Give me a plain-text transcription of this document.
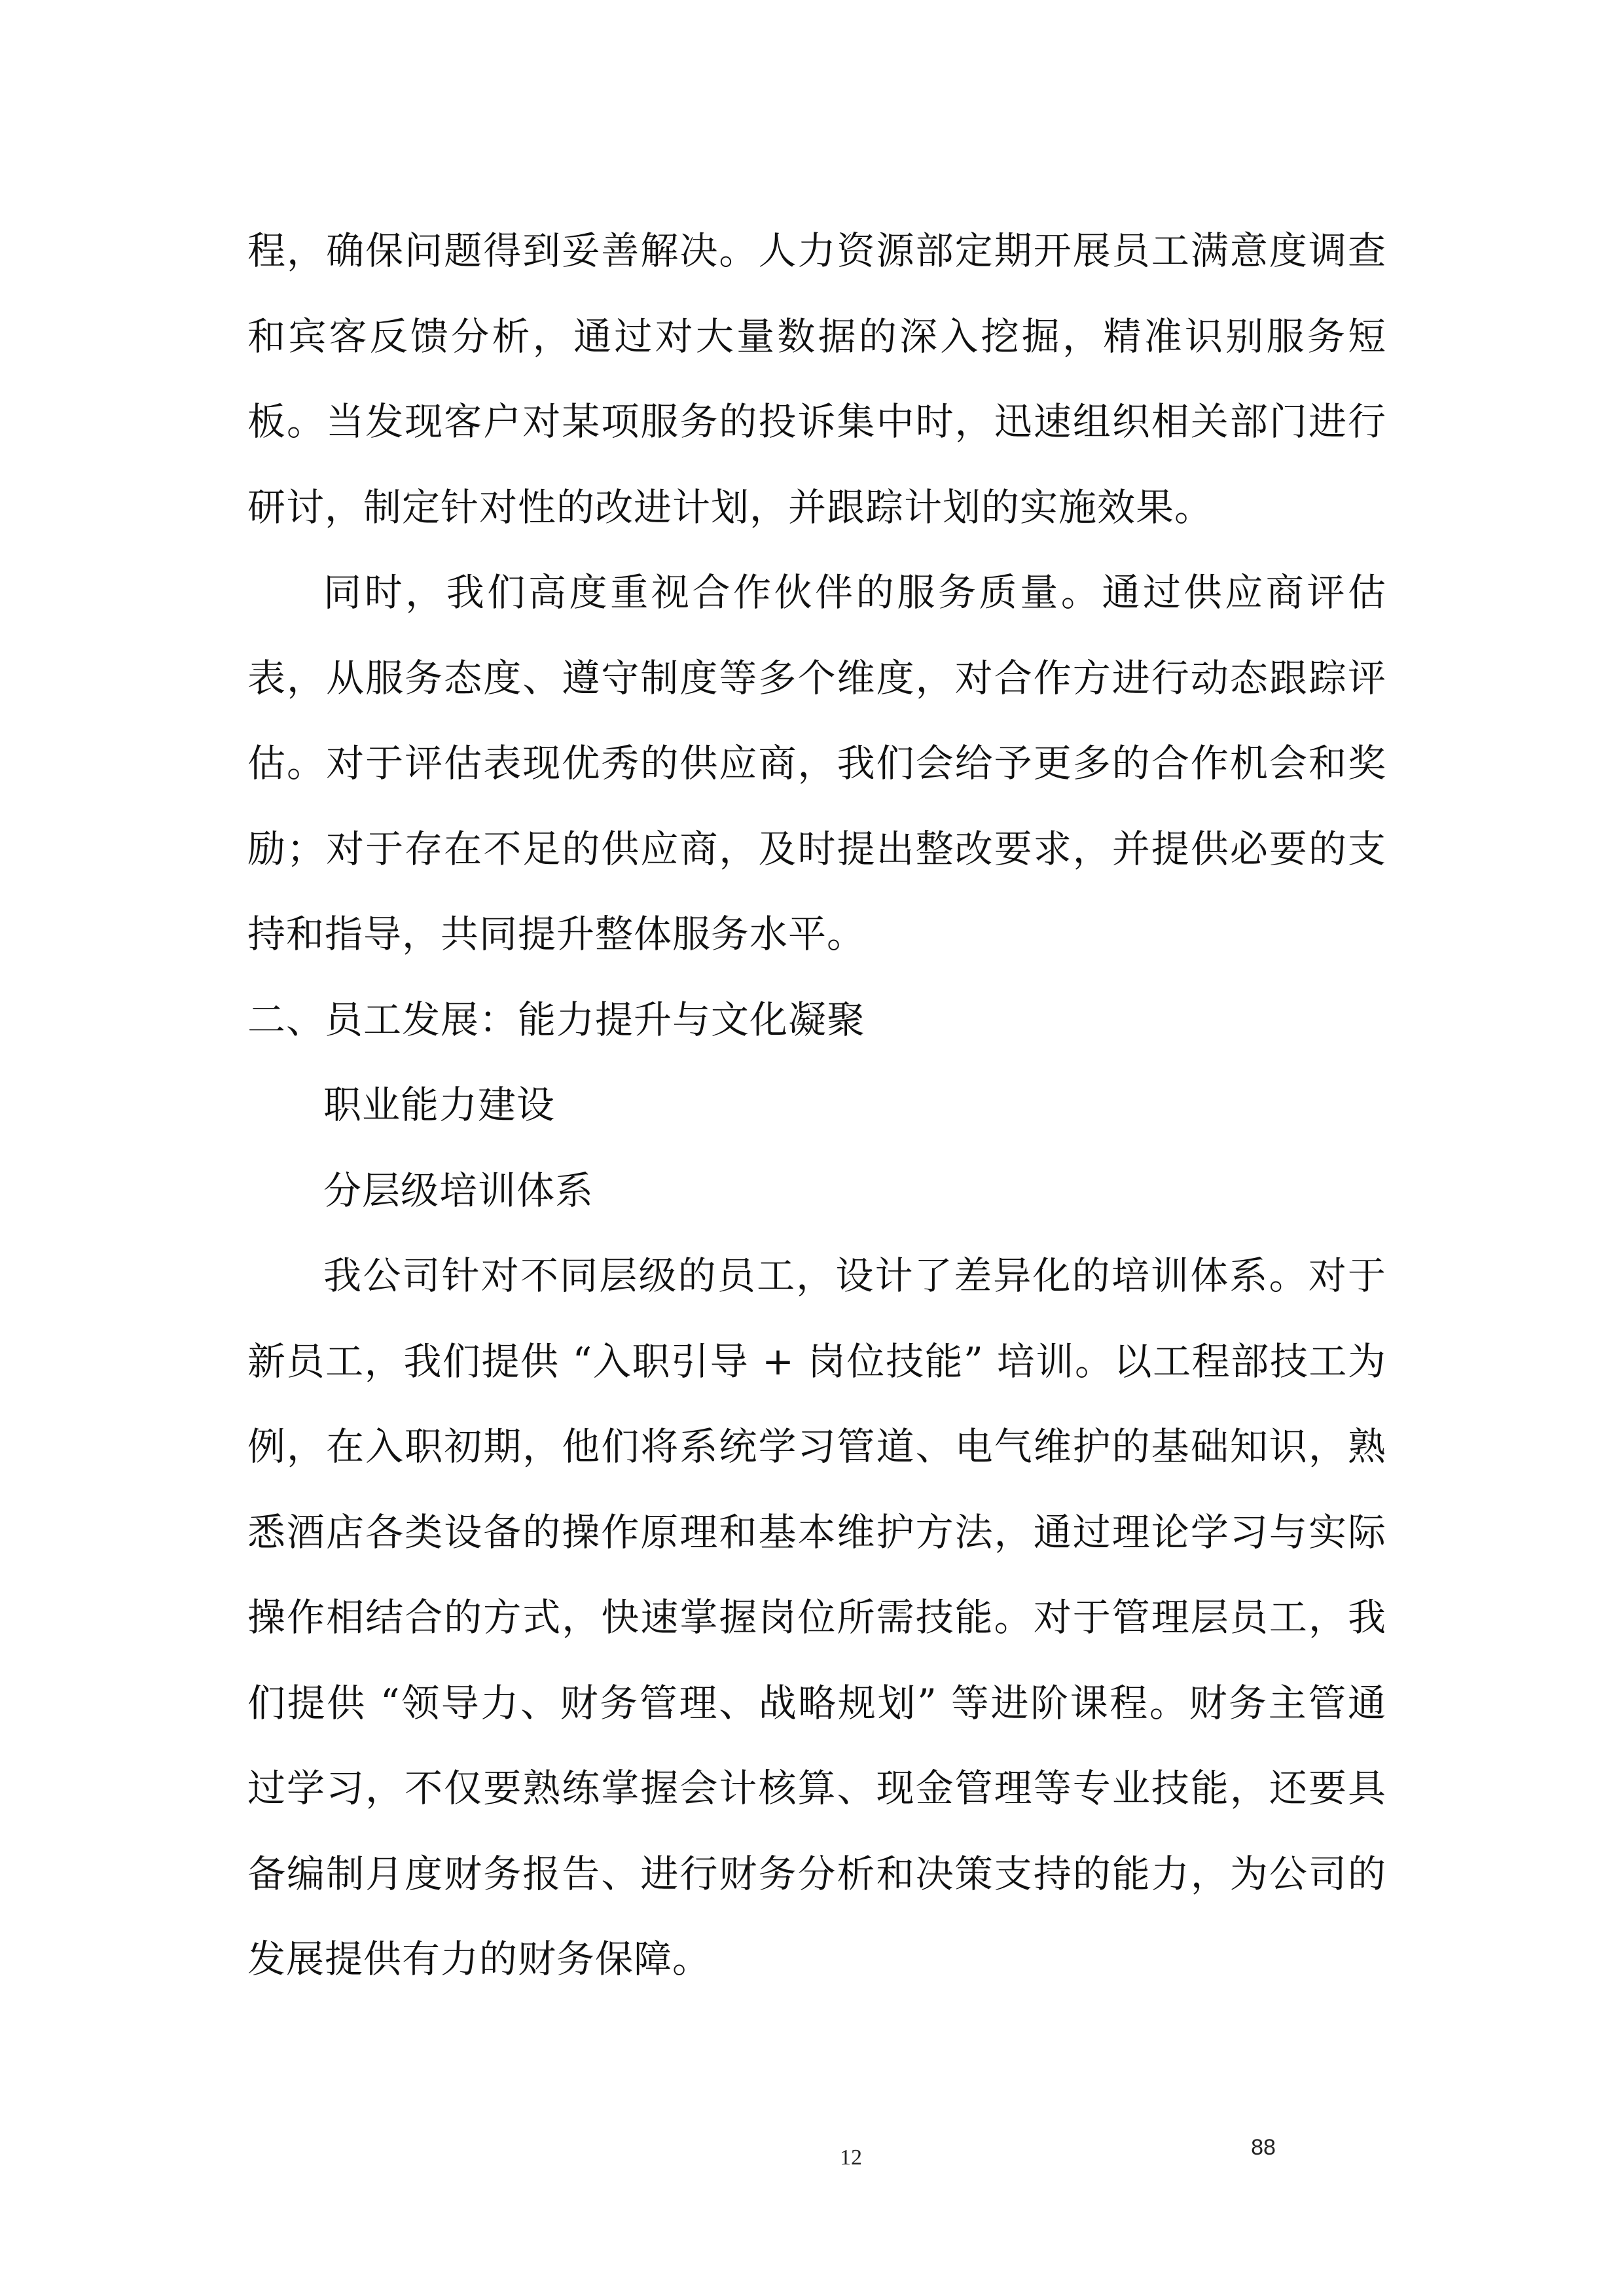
程，确保问题得到妥善解决。人力资源部定期开展员工满意度调查和宾客反馈分析，通过对大量数据的深入挖掘，精准识别服务短板。当发现客户对某项服务的投诉集中时，迅速组织相关部门进行研讨，制定针对性的改进计划，并跟踪计划的实施效果。

同时，我们高度重视合作伙伴的服务质量。通过供应商评估表，从服务态度、遵守制度等多个维度，对合作方进行动态跟踪评估。对于评估表现优秀的供应商，我们会给予更多的合作机会和奖励；对于存在不足的供应商，及时提出整改要求，并提供必要的支持和指导，共同提升整体服务水平。

二、员工发展：能力提升与文化凝聚

职业能力建设

分层级培训体系

我公司针对不同层级的员工，设计了差异化的培训体系。对于新员工，我们提供 “入职引导 + 岗位技能” 培训。以工程部技工为例，在入职初期，他们将系统学习管道、电气维护的基础知识，熟悉酒店各类设备的操作原理和基本维护方法，通过理论学习与实际操作相结合的方式，快速掌握岗位所需技能。对于管理层员工，我们提供 “领导力、财务管理、战略规划” 等进阶课程。财务主管通过学习，不仅要熟练掌握会计核算、现金管理等专业技能，还要具备编制月度财务报告、进行财务分析和决策支持的能力，为公司的发展提供有力的财务保障。

12	88
